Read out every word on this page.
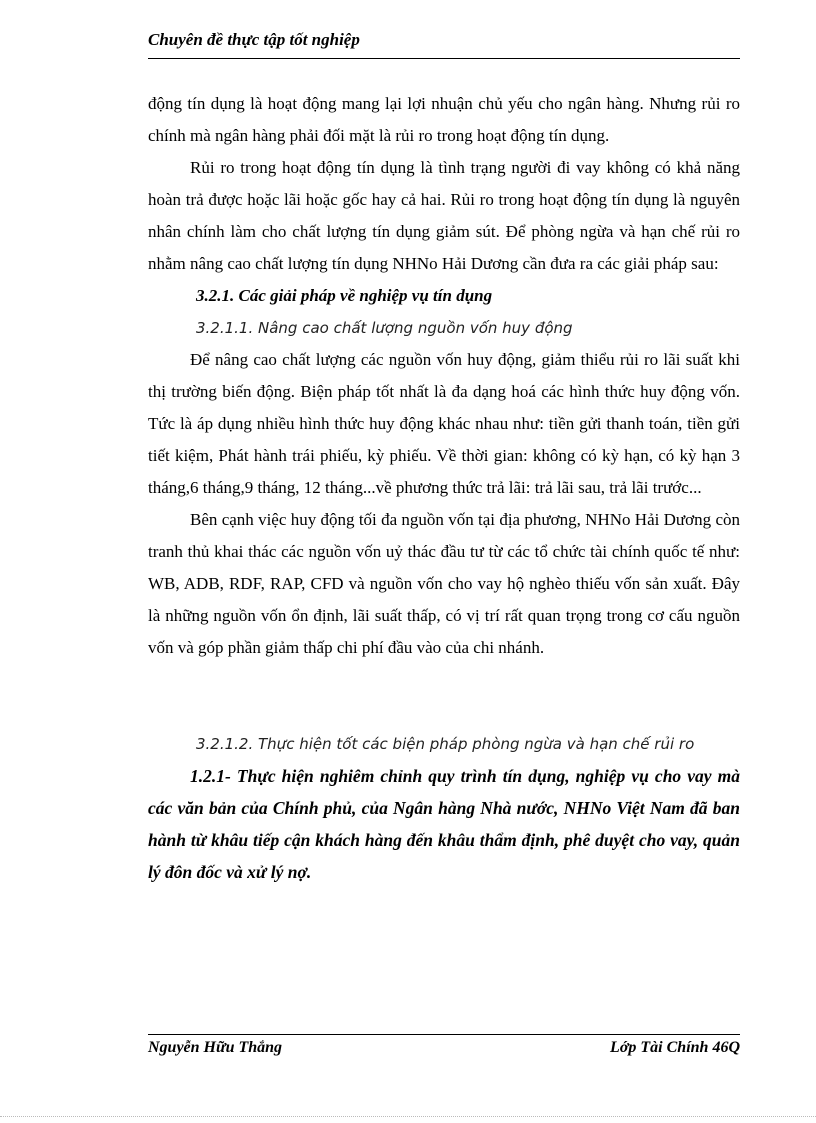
Chuyên đề thực tập tốt nghiệp

động tín dụng là hoạt động mang lại lợi nhuận chủ yếu cho ngân hàng. Nhưng rủi ro chính mà ngân hàng phải đối mặt là rủi ro trong hoạt động tín dụng.

Rủi ro trong hoạt động tín dụng là tình trạng người đi vay không có khả năng hoàn trả được hoặc lãi hoặc gốc hay cả hai. Rủi ro trong hoạt động tín dụng là nguyên nhân chính làm cho chất lượng tín dụng giảm sút. Để phòng ngừa và hạn chế rủi ro nhằm nâng cao chất lượng tín dụng NHNo Hải Dương cần đưa ra các giải pháp sau:

3.2.1. Các giải pháp về nghiệp vụ tín dụng

3.2.1.1. Nâng cao chất lượng nguồn vốn huy động

Để nâng cao chất lượng các nguồn vốn huy động, giảm thiểu rủi ro lãi suất khi thị trường biến động. Biện pháp tốt nhất là đa dạng hoá các hình thức huy động vốn. Tức là áp dụng nhiều hình thức huy động khác nhau như: tiền gửi thanh toán, tiền gửi tiết kiệm, Phát hành trái phiếu, kỳ phiếu. Về thời gian: không có kỳ hạn, có kỳ hạn 3 tháng,6 tháng,9 tháng, 12 tháng...về phương thức trả lãi: trả lãi sau, trả lãi trước...

Bên cạnh việc huy động tối đa nguồn vốn tại địa phương, NHNo Hải Dương còn tranh thủ khai thác các nguồn vốn uỷ thác đầu tư từ các tổ chức tài chính quốc tế như: WB, ADB, RDF, RAP, CFD và nguồn vốn cho vay hộ nghèo thiếu vốn sản xuất. Đây là những nguồn vốn ổn định, lãi suất thấp, có vị trí rất quan trọng trong cơ cấu nguồn vốn và góp phần giảm thấp chi phí đầu vào của chi nhánh.

3.2.1.2. Thực hiện tốt các biện pháp phòng ngừa và hạn chế rủi ro

1.2.1- Thực hiện nghiêm chỉnh quy trình tín dụng, nghiệp vụ cho vay mà các văn bản của Chính phủ, của Ngân hàng Nhà nước, NHNo Việt Nam đã ban hành từ khâu tiếp cận khách hàng đến khâu thẩm định, phê duyệt cho vay, quản lý đôn đốc và xử lý nợ.

Nguyễn Hữu Thắng	Lớp Tài Chính 46Q
